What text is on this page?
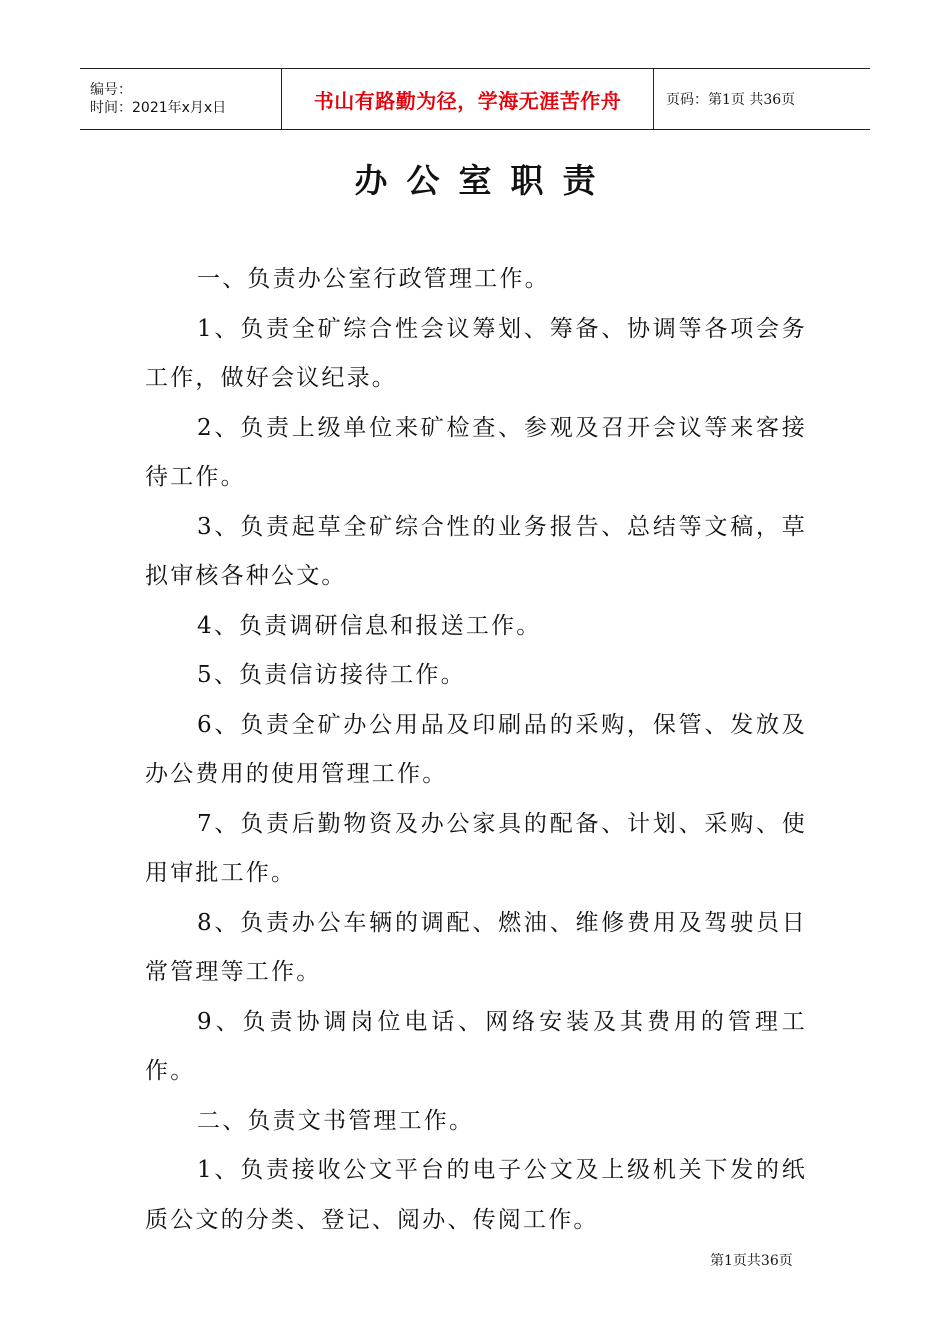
编号：
时间：2021年x月x日	书山有路勤为径，学海无涯苦作舟	页码：第1页 共36页
办公室职责

一、负责办公室行政管理工作。

1、负责全矿综合性会议筹划、筹备、协调等各项会务工作，做好会议纪录。

2、负责上级单位来矿检查、参观及召开会议等来客接待工作。

3、负责起草全矿综合性的业务报告、总结等文稿，草拟审核各种公文。

4、负责调研信息和报送工作。

5、负责信访接待工作。

6、负责全矿办公用品及印刷品的采购，保管、发放及办公费用的使用管理工作。

7、负责后勤物资及办公家具的配备、计划、采购、使用审批工作。

8、负责办公车辆的调配、燃油、维修费用及驾驶员日常管理等工作。

9、负责协调岗位电话、网络安装及其费用的管理工作。

二、负责文书管理工作。

1、负责接收公文平台的电子公文及上级机关下发的纸质公文的分类、登记、阅办、传阅工作。

第1页共36页
